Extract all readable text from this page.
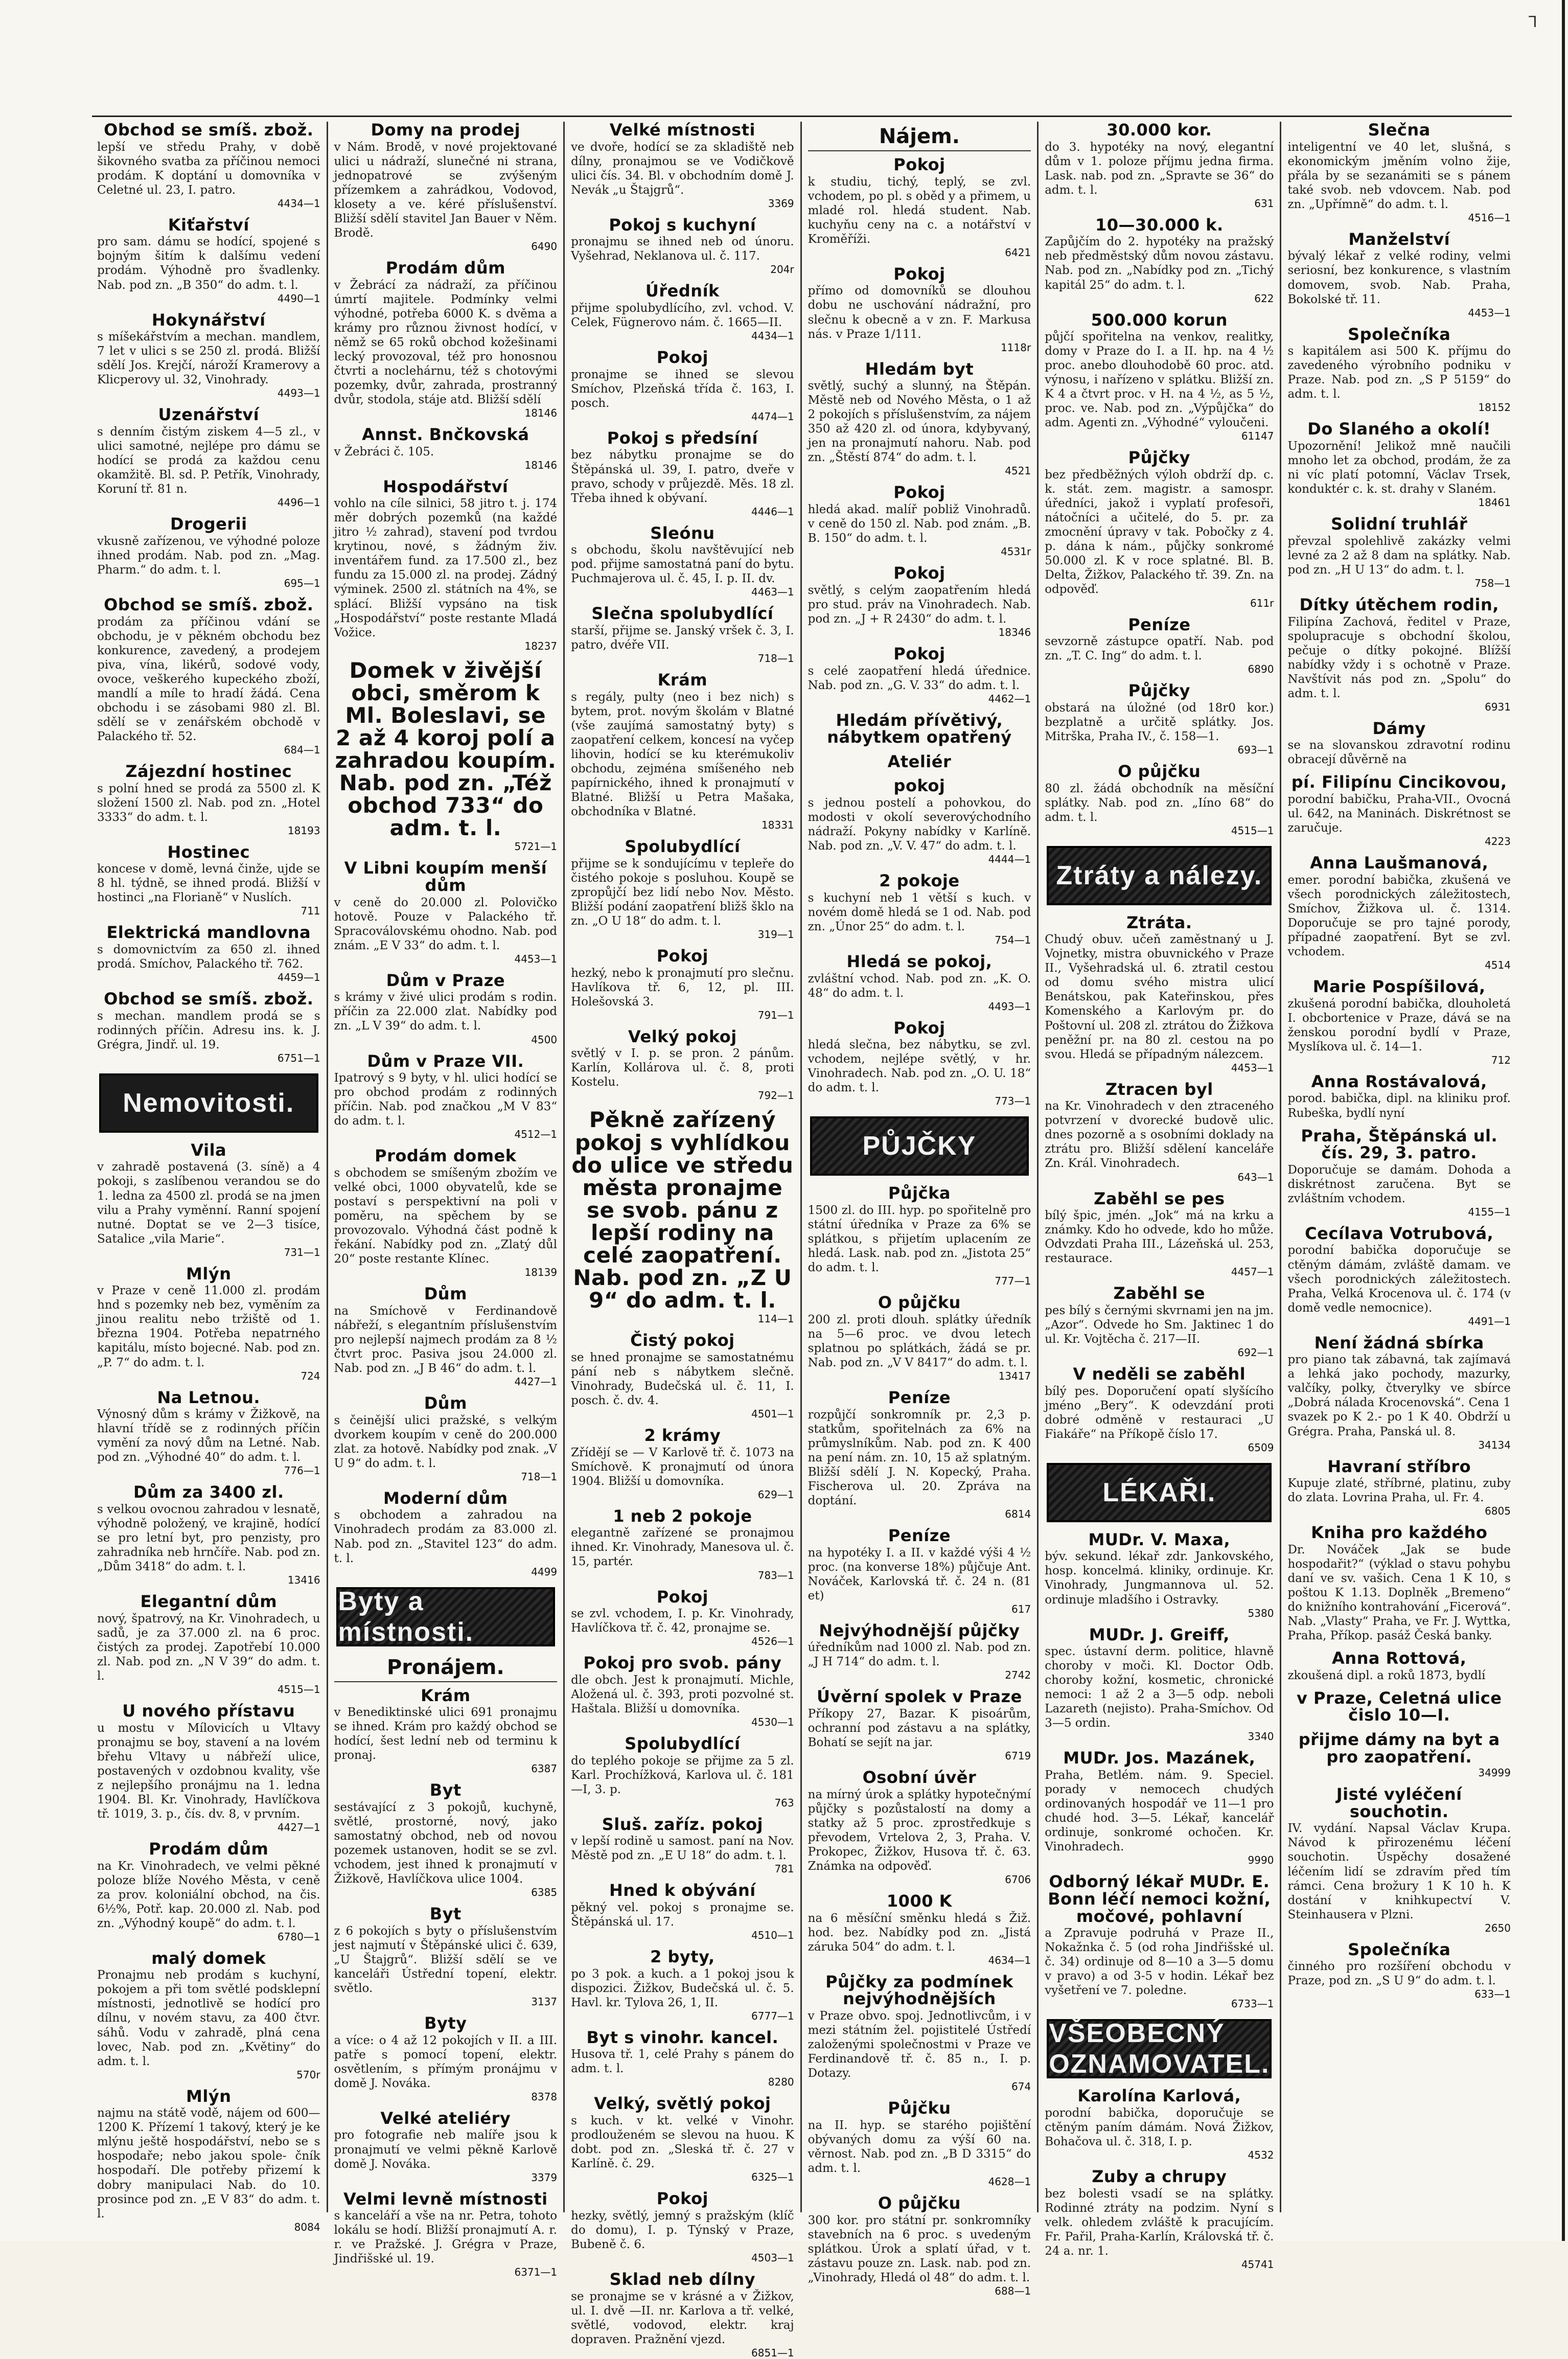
⅂
Obchod se smíš. zbož.

lepší ve středu Prahy, v době šikovného svatba za příčinou nemoci prodám. K doptání u domovníka v Celetné ul. 23, I. patro.

4434—1

Kiťařství

pro sam. dámu se hodící, spojené s bojným šitím k dalšímu vedení prodám. Výhodně pro švadlenky. Nab. pod zn. „B 350“ do adm. t. l.

4490—1

Hokynářství

s míšekářstvím a mechan. mandlem, 7 let v ulici s se 250 zl. prodá. Bližší sdělí Jos. Krejčí, nároží Kramerovy a Klicperovy ul. 32, Vinohrady.

4493—1

Uzenářství

s denním čistým ziskem 4—5 zl., v ulici samotné, nejlépe pro dámu se hodící se prodá za každou cenu okamžitě. Bl. sd. P. Petřík, Vinohrady, Koruní tř. 81 n.

4496—1

Drogerii

vkusně zařízenou, ve výhodné poloze ihned prodám. Nab. pod zn. „Mag. Pharm.“ do adm. t. l.

695—1

Obchod se smíš. zbož.

prodám za příčinou vdání se obchodu, je v pěkném obchodu bez konkurence, zavedený, a prodejem piva, vína, likérů, sodové vody, ovoce, veškerého kupeckého zboží, mandlí a míle to hradí žádá. Cena obchodu i se zásobami 980 zl. Bl. sdělí se v zenářském obchodě v Palackého tř. 52.

684—1

Zájezdní hostinec

s polní hned se prodá za 5500 zl. K složení 1500 zl. Nab. pod zn. „Hotel 3333“ do adm. t. l.

18193

Hostinec

koncese v domě, levná činže, ujde se 8 hl. týdně, se ihned prodá. Bližší v hostinci „na Florianě“ v Nuslích.

711

Elektrická mandlovna

s domovnictvím za 650 zl. ihned prodá. Smíchov, Palackého tř. 762.

4459—1

Obchod se smíš. zbož.

s mechan. mandlem prodá se s rodinných příčin. Adresu ins. k. J. Grégra, Jindř. ul. 19.

6751—1

Nemovitosti.
Vila

v zahradě postavená (3. síně) a 4 pokoji, s zaslíbenou verandou se do 1. ledna za 4500 zl. prodá se na jmen vilu a Prahy vyměnní. Ranní spojení nutné. Doptat se ve 2—3 tisíce, Satalice „vila Marie“.

731—1

Mlýn

v Praze v ceně 11.000 zl. prodám hnd s pozemky neb bez, vyměním za jinou realitu nebo tržiště od 1. března 1904. Potřeba nepatrného kapitálu, místo bojecné. Nab. pod zn. „P. 7“ do adm. t. l.

724

Na Letnou.

Výnosný dům s krámy v Žižkově, na hlavní třídě se z rodinných příčin vymění za nový dům na Letné. Nab. pod zn. „Výhodné 40“ do adm. t. l.

776—1

Dům za 3400 zl.

s velkou ovocnou zahradou v lesnatě, výhodně položený, ve krajině, hodící se pro letní byt, pro penzisty, pro zahradníka neb hrnčíře. Nab. pod zn. „Dům 3418“ do adm. t. l.

13416

Elegantní dům

nový, špatrový, na Kr. Vinohradech, u sadů, je za 37.000 zl. na 6 proc. čistých za prodej. Zapotřebí 10.000 zl. Nab. pod zn. „N V 39“ do adm. t. l.

4515—1

U nového přístavu

u mostu v Mílovicích u Vltavy pronajmu se boy, stavení a na lovém břehu Vltavy u nábřeží ulice, postavených v ozdobnou kvality, vše z nejlepšího pronájmu na 1. ledna 1904. Bl. Kr. Vinohrady, Havlíčkova tř. 1019, 3. p., čís. dv. 8, v prvním.

4427—1

Prodám dům

na Kr. Vinohradech, ve velmi pěkné poloze blíže Nového Města, v ceně za prov. koloniální obchod, na čis. 6½%, Potř. kap. 20.000 zl. Nab. pod zn. „Výhodný koupě“ do adm. t. l.

6780—1

malý domek

Pronajmu neb prodám s kuchyní, pokojem a při tom světlé podsklepní místnosti, jednotlivě se hodící pro dílnu, v novém stavu, za 400 čtvr. sáhů. Vodu v zahradě, plná cena lovec, Nab. pod zn. „Květiny“ do adm. t. l.

570r

Mlýn

najmu na státě vodě, nájem od 600—1200 K. Přízemí 1 takový, který je ke mlýnu ještě hospodářství, nebo se s hospodaře; nebo jakou spole- čník hospodaří. Dle potřeby přizemí k dobry manipulaci Nab. do 10. prosince pod zn. „E V 83“ do adm. t. l.

8084

Domy na prodej

v Nám. Brodě, v nové projektované ulici u nádraží, slunečné ni strana, jednopatrové se zvýšeným přízemkem a zahrádkou, Vodovod, klosety a ve. kéré příslušenství. Bližší sdělí stavitel Jan Bauer v Něm. Brodě.

6490

Prodám dům

v Žebrácí za nádraží, za příčinou úmrtí majitele. Podmínky velmi výhodné, potřeba 6000 K. s dvěma a krámy pro různou živnost hodící, v němž se 65 roků obchod kožešinami lecký provozoval, též pro honosnou čtvrti a noclehárnu, též s chotovými pozemky, dvůr, zahrada, prostranný dvůr, stodola, stáje atd. Bližší sdělí

18146

Annst. Bnčkovská

v Žebráci č. 105.

18146

Hospodářství

vohlo na cíle silnici, 58 jitro t. j. 174 měr dobrých pozemků (na každé jitro ½ zahrad), stavení pod tvrdou krytinou, nové, s žádným živ. inventářem fund. za 17.500 zl., bez fundu za 15.000 zl. na prodej. Zádný výminek. 2500 zl. státních na 4%, se splácí. Bližší vypsáno na tisk „Hospodářství“ poste restante Mladá Vožice.

18237

Domek v živější obci, směrom k Ml. Boleslavi, se 2 až 4 koroj polí a zahradou koupím. Nab. pod zn. „Též obchod 733“ do adm. t. l.

5721—1

V Libni koupím menší dům

v ceně do 20.000 zl. Polovičko hotově. Pouze v Palackého tř. Spracoválovskému ohodno. Nab. pod znám. „E V 33“ do adm. t. l.

4453—1

Dům v Praze

s krámy v živé ulici prodám s rodin. příčin za 22.000 zlat. Nabídky pod zn. „L V 39“ do adm. t. l.

4500

Dům v Praze VII.

Ipatrový s 9 byty, v hl. ulici hodící se pro obchod prodám z rodinných příčin. Nab. pod značkou „M V 83“ do adm. t. l.

4512—1

Prodám domek

s obchodem se smíšeným zbožím ve velké obci, 1000 obyvatelů, kde se postaví s perspektivní na poli v poměru, na spěchem by se provozovalo. Výhodná část podně k řekání. Nabídky pod zn. „Zlatý důl 20“ poste restante Klínec.

18139

Dům

na Smíchově v Ferdinandově nábřeží, s elegantním příslušenstvím pro nejlepší najmech prodám za 8 ½ čtvrt proc. Pasiva jsou 24.000 zl. Nab. pod zn. „J B 46“ do adm. t. l.

4427—1

Dům

s čeinější ulici pražské, s velkým dvorkem koupím v ceně do 200.000 zlat. za hotově. Nabídky pod znak. „V U 9“ do adm. t. l.

718—1

Moderní dům

s obchodem a zahradou na Vinohradech prodám za 83.000 zl. Nab. pod zn. „Stavitel 123“ do adm. t. l.

4499

Byty a místnosti.
Pronájem.
Krám

v Benediktinské ulici 691 pronajmu se ihned. Krám pro každý obchod se hodící, šest lední neb od terminu k pronaj.

6387

Byt

sestávající z 3 pokojů, kuchyně, světlé, prostorné, nový, jako samostatný obchod, neb od novou pozemek ustanoven, hodit se se zvl. vchodem, jest ihned k pronajmutí v Žižkově, Havlíčkova ulice 1004.

6385

Byt

z 6 pokojích s byty o příslušenstvím jest najmutí v Štěpánské ulici č. 639, „U Štajgrů“. Bližší sdělí se ve kanceláři Ústřední topení, elektr. světlo.

3137

Byty

a více: o 4 až 12 pokojích v II. a III. patře s pomocí topení, elektr. osvětlením, s přímým pronájmu v domě J. Nováka.

8378

Velké ateliéry

pro fotografie neb malíře jsou k pronajmutí ve velmi pěkně Karlově domě J. Nováka.

3379

Velmi levně místnosti

s kanceláří a vše na nr. Petra, tohoto lokálu se hodí. Bližší pronajmutí A. r. r. ve Pražské. J. Grégra v Praze, Jindřišské ul. 19.

6371—1

Velké místnosti

ve dvoře, hodící se za skladiště neb dílny, pronajmou se ve Vodičkově ulici čís. 34. Bl. v obchodním domě J. Nevák „u Štajgrů“.

3369

Pokoj s kuchyní

pronajmu se ihned neb od únoru. Vyšehrad, Neklanova ul. č. 117.

204r

Úředník

přijme spolubydlícího, zvl. vchod. V. Celek, Fügnerovo nám. č. 1665—II.

4434—1

Pokoj

pronajme se ihned se slevou Smíchov, Plzeňská třída č. 163, I. posch.

4474—1

Pokoj s předsíní

bez nábytku pronajme se do Štěpánská ul. 39, I. patro, dveře v pravo, schody v průjezdě. Měs. 18 zl. Třeba ihned k obývaní.

4446—1

Sleónu

s obchodu, školu navštěvující neb pod. přijme samostatná paní do bytu. Puchmajerova ul. č. 45, I. p. II. dv.

4463—1

Slečna spolubydlící

starší, přijme se. Janský vršek č. 3, I. patro, dvéře VII.

718—1

Krám

s regály, pulty (neo i bez nich) s bytem, prot. novým školám v Blatné (vše zaujímá samostatný byty) s zaopatření celkem, koncesí na vyčep lihovin, hodící se ku kterémukoliv obchodu, zejména smíšeného neb papírnického, ihned k pronajmutí v Blatné. Bližší u Petra Mašaka, obchodníka v Blatné.

18331

Spolubydlící

přijme se k sondujícímu v tepleře do čistého pokoje s posluhou. Koupě se zpropůjčí bez lidí nebo Nov. Město. Bližší podání zaopatření bližš šklo na zn. „O U 18“ do adm. t. l.

319—1

Pokoj

hezký, nebo k pronajmutí pro slečnu. Havlíkova tř. 6, 12, pl. III. Holešovská 3.

791—1

Velký pokoj

světlý v I. p. se pron. 2 pánům. Karlín, Kollárova ul. č. 8, proti Kostelu.

792—1

Pěkně zařízený pokoj s vyhlídkou do ulice ve středu města pronajme se svob. pánu z lepší rodiny na celé zaopatření. Nab. pod zn. „Z U 9“ do adm. t. l.

114—1

Čistý pokoj

se hned pronajme se samostatnému pání neb s nábytkem slečně. Vinohrady, Budečská ul. č. 11, I. posch. č. dv. 4.

4501—1

2 krámy

Zřídějí se — V Karlově tř. č. 1073 na Smíchově. K pronajmutí od února 1904. Bližší u domovníka.

629—1

1 neb 2 pokoje

elegantně zařízené se pronajmou ihned. Kr. Vinohrady, Manesova ul. č. 15, partér.

783—1

Pokoj

se zvl. vchodem, I. p. Kr. Vinohrady, Havlíčkova tř. č. 42, pronajme se.

4526—1

Pokoj pro svob. pány

dle obch. Jest k pronajmutí. Michle, Aložená ul. č. 393, proti pozvolné st. Haštala. Bližší u domovníka.

4530—1

Spolubydlící

do teplého pokoje se přijme za 5 zl. Karl. Prochížková, Karlova ul. č. 181—I, 3. p.

763

Sluš. zaříz. pokoj

v lepší rodině u samost. paní na Nov. Městě pod zn. „E U 18“ do adm. t. l.

781

Hned k obývání

pěkný vel. pokoj s pronajme se. Štěpánská ul. 17.

4510—1

2 byty,

po 3 pok. a kuch. a 1 pokoj jsou k dispozici. Žižkov, Budečská ul. č. 5. Havl. kr. Tylova 26, 1, II.

6777—1

Byt s vinohr. kancel.

Husova tř. 1, celé Prahy s pánem do adm. t. l.

8280

Velký, světlý pokoj

s kuch. v kt. velké v Vinohr. prodlouženém se slevou na huou. K dobt. pod zn. „Sleská tř. č. 27 v Karlíně. č. 29.

6325—1

Pokoj

hezky, světlý, jemný s pražským (klíč do domu), I. p. Týnský v Praze, Bubeně č. 6.

4503—1

Sklad neb dílny

se pronajme se v krásné a v Žižkov, ul. I. dvě —II. nr. Karlova a tř. velké, světlé, vodovod, elektr. kraj dopraven. Pražnění vjezd.

6851—1

Nájem.
Pokoj

k studiu, tichý, teplý, se zvl. vchodem, po pl. s oběd y a přimem, u mladé rol. hledá student. Nab. kuchyňu ceny na c. a notářství v Kroměříži.

6421

Pokoj

přímo od domovníků se dlouhou dobu ne uschování nádražní, pro slečnu k obecně a v zn. F. Markusa nás. v Praze 1/111.

1118r

Hledám byt

světlý, suchý a slunný, na Štěpán. Městě neb od Nového Města, o 1 až 2 pokojích s příslušenstvím, za nájem 350 až 420 zl. od února, kdybyvaný, jen na pronajmutí nahoru. Nab. pod zn. „Štěstí 874“ do adm. t. l.

4521

Pokoj

hledá akad. malíř pobliž Vinohradů. v ceně do 150 zl. Nab. pod znám. „B. B. 150“ do adm. t. l.

4531r

Pokoj

světlý, s celým zaopatřením hledá pro stud. práv na Vinohradech. Nab. pod zn. „J + R 2430“ do adm. t. l.

18346

Pokoj

s celé zaopatření hledá úřednice. Nab. pod zn. „G. V. 33“ do adm. t. l.

4462—1

Hledám přívětivý, nábytkem opatřený
Ateliér
pokoj

s jednou postelí a pohovkou, do modosti v okolí severovýchodního nádraží. Pokyny nabídky v Karlíně. Nab. pod zn. „V. V. 47“ do adm. t. l.

4444—1

2 pokoje

s kuchyní neb 1 větší s kuch. v novém domě hledá se 1 od. Nab. pod zn. „Únor 25“ do adm. t. l.

754—1

Hledá se pokoj,

zvláštní vchod. Nab. pod zn. „K. O. 48“ do adm. t. l.

4493—1

Pokoj

hledá slečna, bez nábytku, se zvl. vchodem, nejlépe světlý, v hr. Vinohradech. Nab. pod zn. „O. U. 18“ do adm. t. l.

773—1

PŮJČKY
Půjčka

1500 zl. do III. hyp. po spořitelně pro státní úředníka v Praze za 6% se splátkou, s přijetím uplacením ze hledá. Lask. nab. pod zn. „Jistota 25“ do adm. t. l.

777—1

O půjčku

200 zl. proti dlouh. splátky úředník na 5—6 proc. ve dvou letech splatnou po splátkách, žádá se pr. Nab. pod zn. „V V 8417“ do adm. t. l.

13417

Peníze

rozpůjčí sonkromník pr. 2,3 p. statkům, spořitelnách za 6% na průmyslníkům. Nab. pod zn. K 400 na pení nám. zn. 10, 15 až splatným. Bližší sdělí J. N. Kopecký, Praha. Fischerova ul. 20. Zpráva na doptání.

6814

Peníze

na hypotéky I. a II. v každé výši 4 ½ proc. (na konverse 18%) půjčuje Ant. Nováček, Karlovská tř. č. 24 n. (81 et)

617

Nejvýhodnější půjčky

úředníkům nad 1000 zl. Nab. pod zn. „J H 714“ do adm. t. l.

2742

Úvěrní spolek v Praze

Příkopy 27, Bazar. K pisoárům, ochranní pod zástavu a na splátky, Bohatí se sejít na jar.

6719

Osobní úvěr

na mírný úrok a splátky hypotečnýmí půjčky s pozůstalostí na domy a statky až 5 proc. zprostředkuje s převodem, Vrtelova 2, 3, Praha. V. Prokopec, Žižkov, Husova tř. č. 63. Známka na odpověď.

6706

1000 K

na 6 měsíční směnku hledá s Žiž. hod. bez. Nabídky pod zn. „Jistá záruka 504“ do adm. t. l.

4634—1

Půjčky za podmínek nejvýhodnějších

v Praze obvo. spoj. Jednotlivcům, i v mezi státním žel. pojistitelé Ústředí založenými společnostmi v Praze ve Ferdinandově tř. č. 85 n., I. p. Dotazy.

674

Půjčku

na II. hyp. se starého pojištění obývaných domu za výší 60 na. věrnost. Nab. pod zn. „B D 3315“ do adm. t. l.

4628—1

O půjčku

300 kor. pro státní pr. sonkromníky stavebních na 6 proc. s uvedeným splátkou. Úrok a splatí úřad, v t. zástavu pouze zn. Lask. nab. pod zn. „Vinohrady, Hledá ol 48“ do adm. t. l.

688—1

30.000 kor.

do 3. hypotéky na nový, elegantní dům v 1. poloze příjmu jedna firma. Lask. nab. pod zn. „Spravte se 36“ do adm. t. l.

631

10—30.000 k.

Zapůjčím do 2. hypotéky na pražský neb předměstský dům novou zástavu. Nab. pod zn. „Nabídky pod zn. „Tichý kapitál 25“ do adm. t. l.

622

500.000 korun

půjčí spořitelna na venkov, realitky, domy v Praze do I. a II. hp. na 4 ½ proc. anebo dlouhodobě 60 proc. atd. výnosu, i nařízeno v splátku. Bližší zn. K 4 a čtvrt proc. v H. na 4 ½, as 5 ½, proc. ve. Nab. pod zn. „Výpůjčka“ do adm. Agenti zn. „Výhodné“ vyloučeni.

61147

Půjčky

bez předběžných výloh obdrží dp. c. k. stát. zem. magistr. a samospr. úředníci, jakož i vyplatí profesoři, nátočníci a učitelé, do 5. pr. za zmocnění úpravy v tak. Pobočky z 4. p. dána k nám., půjčky sonkromé 50.000 zl. K v roce splatné. Bl. B. Delta, Žižkov, Palackého tř. 39. Zn. na odpověď.

611r

Peníze

sevzorně zástupce opatří. Nab. pod zn. „T. C. Ing“ do adm. t. l.

6890

Půjčky

obstará na úložné (od 18r0 kor.) bezplatně a určitě splátky. Jos. Mitrška, Praha IV., č. 158—1.

693—1

O půjčku

80 zl. žádá obchodník na měsíční splátky. Nab. pod zn. „Iíno 68“ do adm. t. l.

4515—1

Ztráty a nálezy.
Ztráta.

Chudý obuv. učeň zaměstnaný u J. Vojnetky, mistra obuvnického v Praze II., Vyšehradská ul. 6. ztratil cestou od domu svého mistra ulicí Benátskou, pak Kateřinskou, přes Komenského a Karlovým pr. do Poštovní ul. 208 zl. ztrátou do Žižkova peněžní pr. na 80 zl. cestou na po svou. Hledá se případným nálezcem.

4453—1

Ztracen byl

na Kr. Vinohradech v den ztraceného potvrzení v dvorecké budově ulic. dnes pozorně a s osobními doklady na ztrátu pro. Bližší sdělení kanceláře Zn. Král. Vinohradech.

643—1

Zaběhl se pes

bílý špic, jmén. „Jok“ má na krku a známky. Kdo ho odvede, kdo ho může. Odvzdati Praha III., Lázeňská ul. 253, restaurace.

4457—1

Zaběhl se

pes bílý s černými skvrnami jen na jm. „Azor“. Odvede ho Sm. Jaktinec 1 do ul. Kr. Vojtěcha č. 217—II.

692—1

V neděli se zaběhl

bílý pes. Doporučení opatí slyšícího jméno „Bery“. K odevzdání proti dobré odměně v restauraci „U Fiakáře“ na Příkopě číslo 17.

6509

LÉKAŘI.
MUDr. V. Maxa,

býv. sekund. lékař zdr. Jankovského, hosp. koncelmá. kliniky, ordinuje. Kr. Vinohrady, Jungmannova ul. 52. ordinuje mladšího i Ostravky.

5380

MUDr. J. Greiff,

spec. ústavní derm. politice, hlavně choroby v moči. Kl. Doctor Odb. choroby kožní, kosmetic, chronické nemoci: 1 až 2 a 3—5 odp. neboli Lazareth (nejisto). Praha-Smíchov. Od 3—5 ordin.

3340

MUDr. Jos. Mazánek,

Praha, Betlém. nám. 9. Speciel. porady v nemocech chudých ordinovaných hospodář ve 11—1 pro chudé hod. 3—5. Lékař, kancelář ordinuje, sonkromé ochočen. Kr. Vinohradech.

9990

Odborný lékař MUDr. E. Bonn léčí nemoci kožní, močové, pohlavní

a Zpravuje podruhá v Praze II., Nokažnka č. 5 (od roha Jindřišské ul. č. 34) ordinuje od 8—10 a 3—5 domu v pravo) a od 3-5 v hodin. Lékař bez vyšetření ve 7. poledne.

6733—1

VŠEOBECNÝ OZNAMOVATEL.
Karolína Karlová,

porodní babička, doporučuje se ctěným paním dámám. Nová Žižkov, Bohačova ul. č. 318, I. p.

4532

Zuby a chrupy

bez bolesti vsadí se na splátky. Rodinné ztráty na podzim. Nyní s velk. ohledem zvláště k pracujícím. Fr. Pařil, Praha-Karlín, Královská tř. č. 24 a. nr. 1.

45741

Slečna

inteligentní ve 40 let, slušná, s ekonomickým jměním volno žije, přála by se sezanámiti se s pánem také svob. neb vdovcem. Nab. pod zn. „Upřímně“ do adm. t. l.

4516—1

Manželství

bývalý lékař z velké rodiny, velmi seriosní, bez konkurence, s vlastním domovem, svob. Nab. Praha, Bokolské tř. 11.

4453—1

Společníka

s kapitálem asi 500 K. příjmu do zavedeného výrobního podniku v Praze. Nab. pod zn. „S P 5159“ do adm. t. l.

18152

Do Slaného a okolí!

Upozornění! Jelikož mně naučili mnoho let za obchod, prodám, že za ni víc platí potomní, Václav Trsek, konduktér c. k. st. drahy v Slaném.

18461

Solidní truhlář

převzal spolehlivě zakázky velmi levné za 2 až 8 dam na splátky. Nab. pod zn. „H U 13“ do adm. t. l.

758—1

Dítky útěchem rodin,

Filipína Zachová, ředitel v Praze, spolupracuje s obchodní školou, pečuje o dítky pokojné. Blížší nabídky vždy i s ochotně v Praze. Navštívit nás pod zn. „Spolu“ do adm. t. l.

6931

Dámy

se na slovanskou zdravotní rodinu obracejí důvěrně na

pí. Filipínu Cincikovou,

porodní babičku, Praha-VII., Ovocná ul. 642, na Maninách. Diskrétnost se zaručuje.

4223

Anna Laušmanová,

emer. porodní babička, zkušená ve všech porodnických záležitostech, Smíchov, Žižkova ul. č. 1314. Doporučuje se pro tajné porody, případné zaopatření. Byt se zvl. vchodem.

4514

Marie Pospíšilová,

zkušená porodní babička, dlouholetá I. obcbortenice v Praze, dává se na ženskou porodní bydlí v Praze, Myslíkova ul. č. 14—1.

712

Anna Rostávalová,

porod. babička, dipl. na kliniku prof. Rubeška, bydlí nyní

Praha, Štěpánská ul. čís. 29, 3. patro.

Doporučuje se damám. Dohoda a diskrétnost zaručena. Byt se zvláštním vchodem.

4155—1

Cecílava Votrubová,

porodní babička doporučuje se ctěným dámám, zvláště damam. ve všech porodnických záležitostech. Praha, Velká Krocenova ul. č. 174 (v domě vedle nemocnice).

4491—1

Není žádná sbírka

pro piano tak zábavná, tak zajímavá a lehká jako pochody, mazurky, valčíky, polky, čtverylky ve sbírce „Dobrá nálada Krocenovská“. Cena 1 svazek po K 2.- po 1 K 40. Obdrží u Grégra. Praha, Panská ul. 8.

34134

Havraní stříbro

Kupuje zlaté, stříbrné, platinu, zuby do zlata. Lovrina Praha, ul. Fr. 4.

6805

Kniha pro každého

Dr. Nováček „Jak se bude hospodařit?“ (výklad o stavu pohybu daní ve sv. vašich. Cena 1 K 10, s poštou K 1.13. Doplněk „Bremeno“ do knižního kontrahování „Ficerová“. Nab. „Vlasty“ Praha, ve Fr. J. Wyttka, Praha, Příkop. pasáž Česká banky.

Anna Rottová,

zkoušená dipl. a roků 1873, bydlí

v Praze, Celetná ulice čislo 10—I.
přijme dámy na byt a pro zaopatření.

34999

Jisté vyléčení souchotin.

IV. vydání. Napsal Václav Krupa. Návod k přirozenému léčení souchotin. Úspěchy dosažené léčením lidí se zdravím před tím rámci. Cena brožury 1 K 10 h. K dostání v knihkupectví V. Steinhausera v Plzni.

2650

Společníka

činného pro rozšíření obchodu v Praze, pod zn. „S U 9“ do adm. t. l.

633—1
